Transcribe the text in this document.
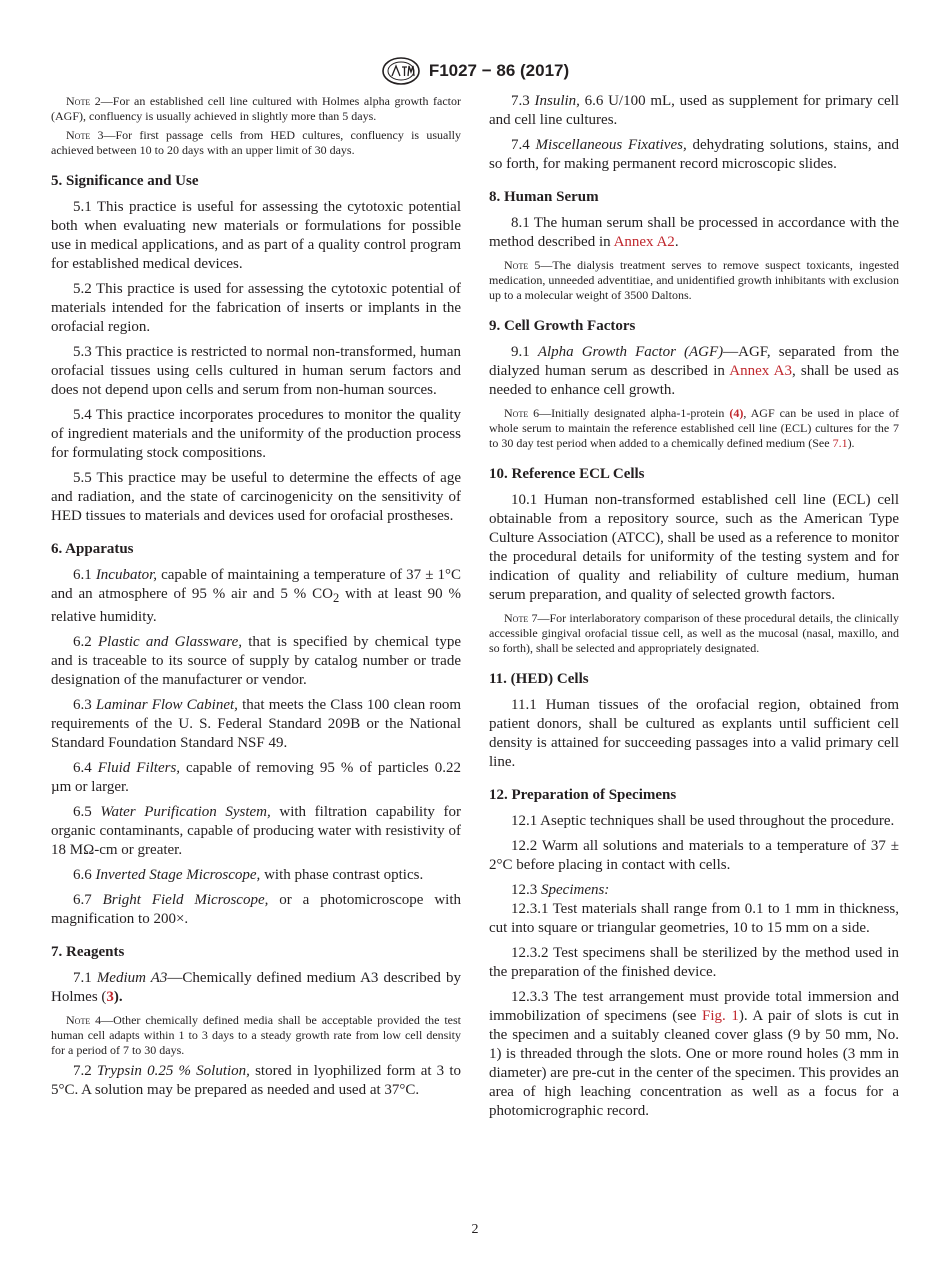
F1027 − 86 (2017)

Note 2—For an established cell line cultured with Holmes alpha growth factor (AGF), confluency is usually achieved in slightly more than 5 days.

Note 3—For first passage cells from HED cultures, confluency is usually achieved between 10 to 20 days with an upper limit of 30 days.

5. Significance and Use

5.1 This practice is useful for assessing the cytotoxic potential both when evaluating new materials or formulations for possible use in medical applications, and as part of a quality control program for established medical devices.

5.2 This practice is used for assessing the cytotoxic potential of materials intended for the fabrication of inserts or implants in the orofacial region.

5.3 This practice is restricted to normal non-transformed, human orofacial tissues using cells cultured in human serum factors and does not depend upon cells and serum from non-human sources.

5.4 This practice incorporates procedures to monitor the quality of ingredient materials and the uniformity of the production process for formulating stock compositions.

5.5 This practice may be useful to determine the effects of age and radiation, and the state of carcinogenicity on the sensitivity of HED tissues to materials and devices used for orofacial prostheses.

6. Apparatus

6.1 Incubator, capable of maintaining a temperature of 37 ± 1°C and an atmosphere of 95 % air and 5 % $CO_2$ with at least 90 % relative humidity.

6.2 Plastic and Glassware, that is specified by chemical type and is traceable to its source of supply by catalog number or trade designation of the manufacturer or vendor.

6.3 Laminar Flow Cabinet, that meets the Class 100 clean room requirements of the U. S. Federal Standard 209B or the National Standard Foundation Standard NSF 49.

6.4 Fluid Filters, capable of removing 95 % of particles 0.22 µm or larger.

6.5 Water Purification System, with filtration capability for organic contaminants, capable of producing water with resistivity of 18 MΩ-cm or greater.

6.6 Inverted Stage Microscope, with phase contrast optics.

6.7 Bright Field Microscope, or a photomicroscope with magnification to 200×.

7. Reagents

7.1 Medium A3—Chemically defined medium A3 described by Holmes (3).

Note 4—Other chemically defined media shall be acceptable provided the test human cell adapts within 1 to 3 days to a steady growth rate from low cell density for a period of 7 to 30 days.

7.2 Trypsin 0.25 % Solution, stored in lyophilized form at 3 to 5°C. A solution may be prepared as needed and used at 37°C.

7.3 Insulin, 6.6 U/100 mL, used as supplement for primary cell and cell line cultures.

7.4 Miscellaneous Fixatives, dehydrating solutions, stains, and so forth, for making permanent record microscopic slides.

8. Human Serum

8.1 The human serum shall be processed in accordance with the method described in Annex A2.

Note 5—The dialysis treatment serves to remove suspect toxicants, ingested medication, unneeded adventitiae, and unidentified growth inhibitants with exclusion up to a molecular weight of 3500 Daltons.

9. Cell Growth Factors

9.1 Alpha Growth Factor (AGF)—AGF, separated from the dialyzed human serum as described in Annex A3, shall be used as needed to enhance cell growth.

Note 6—Initially designated alpha-1-protein (4), AGF can be used in place of whole serum to maintain the reference established cell line (ECL) cultures for the 7 to 30 day test period when added to a chemically defined medium (See 7.1).

10. Reference ECL Cells

10.1 Human non-transformed established cell line (ECL) cell obtainable from a repository source, such as the American Type Culture Association (ATCC), shall be used as a reference to monitor the procedural details for uniformity of the testing system and for indication of quality and reliability of culture medium, human serum preparation, and quality of selected growth factors.

Note 7—For interlaboratory comparison of these procedural details, the clinically accessible gingival orofacial tissue cell, as well as the mucosal (nasal, maxillo, and so forth), shall be selected and appropriately designated.

11. (HED) Cells

11.1 Human tissues of the orofacial region, obtained from patient donors, shall be cultured as explants until sufficient cell density is attained for succeeding passages into a valid primary cell line.

12. Preparation of Specimens

12.1 Aseptic techniques shall be used throughout the procedure.

12.2 Warm all solutions and materials to a temperature of 37 ± 2°C before placing in contact with cells.

12.3 Specimens:

12.3.1 Test materials shall range from 0.1 to 1 mm in thickness, cut into square or triangular geometries, 10 to 15 mm on a side.

12.3.2 Test specimens shall be sterilized by the method used in the preparation of the finished device.

12.3.3 The test arrangement must provide total immersion and immobilization of specimens (see Fig. 1). A pair of slots is cut in the specimen and a suitably cleaned cover glass (9 by 50 mm, No. 1) is threaded through the slots. One or more round holes (3 mm in diameter) are pre-cut in the center of the specimen. This provides an area of high leaching concentration as well as a focus for a photomicrographic record.

2
